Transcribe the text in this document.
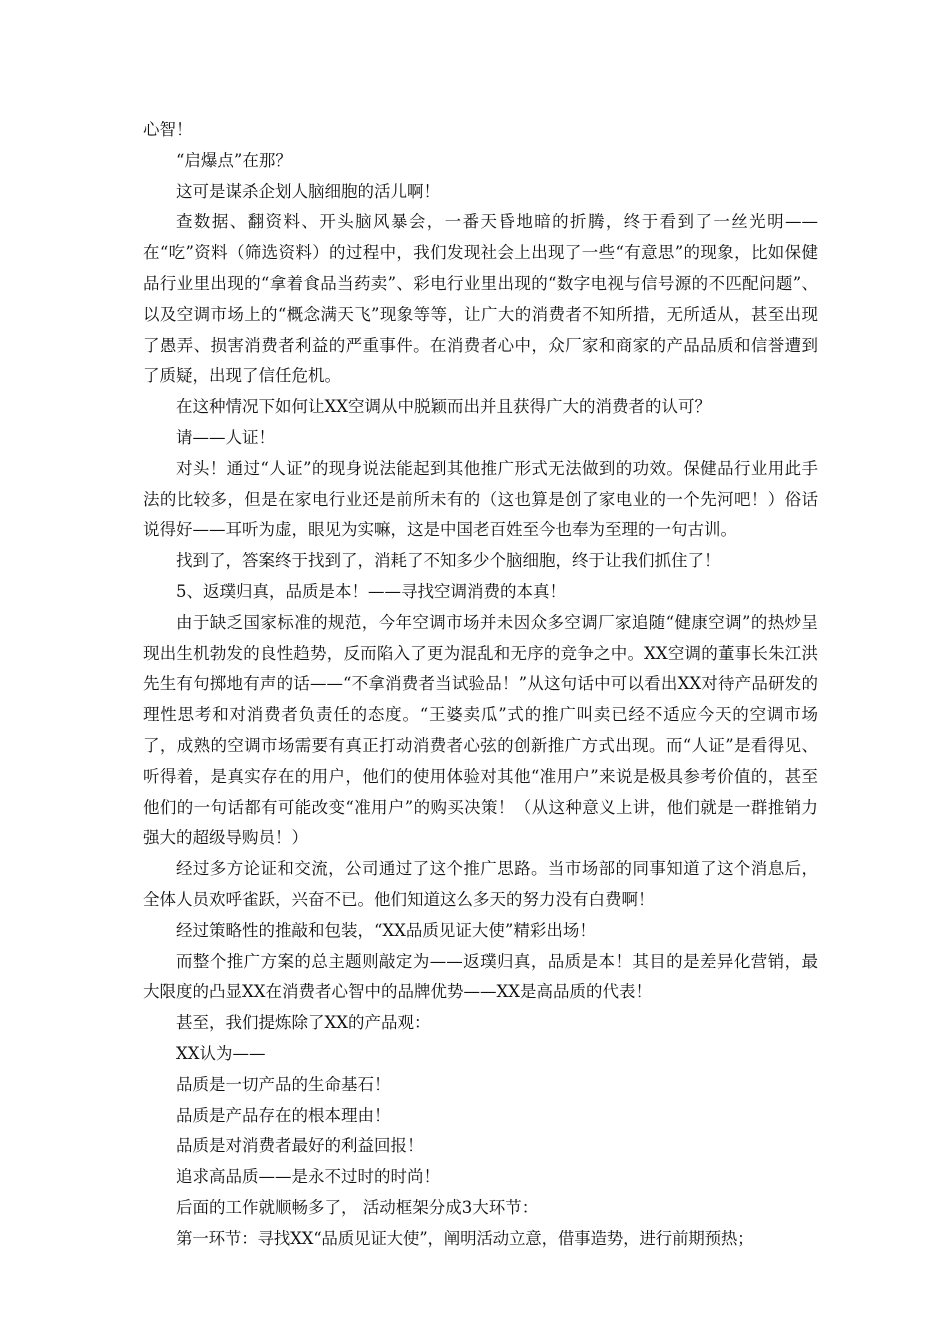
心智！

“启爆点”在那？

这可是谋杀企划人脑细胞的活儿啊！

查数据、翻资料、开头脑风暴会，一番天昏地暗的折腾，终于看到了一丝光明——在“吃”资料（筛选资料）的过程中，我们发现社会上出现了一些“有意思”的现象，比如保健品行业里出现的“拿着食品当药卖”、彩电行业里出现的“数字电视与信号源的不匹配问题”、以及空调市场上的“概念满天飞”现象等等，让广大的消费者不知所措，无所适从，甚至出现了愚弄、损害消费者利益的严重事件。在消费者心中，众厂家和商家的产品品质和信誉遭到了质疑，出现了信任危机。

在这种情况下如何让XX空调从中脱颖而出并且获得广大的消费者的认可？

请——人证！

对头！通过“人证”的现身说法能起到其他推广形式无法做到的功效。保健品行业用此手法的比较多，但是在家电行业还是前所未有的（这也算是创了家电业的一个先河吧！）俗话说得好——耳听为虚，眼见为实嘛，这是中国老百姓至今也奉为至理的一句古训。

找到了，答案终于找到了，消耗了不知多少个脑细胞，终于让我们抓住了！

5、返璞归真，品质是本！——寻找空调消费的本真！

由于缺乏国家标准的规范，今年空调市场并未因众多空调厂家追随“健康空调”的热炒呈现出生机勃发的良性趋势，反而陷入了更为混乱和无序的竞争之中。XX空调的董事长朱江洪先生有句掷地有声的话——“不拿消费者当试验品！”从这句话中可以看出XX对待产品研发的理性思考和对消费者负责任的态度。“王婆卖瓜”式的推广叫卖已经不适应今天的空调市场了，成熟的空调市场需要有真正打动消费者心弦的创新推广方式出现。而“人证”是看得见、听得着，是真实存在的用户，他们的使用体验对其他“准用户”来说是极具参考价值的，甚至他们的一句话都有可能改变“准用户”的购买决策！（从这种意义上讲，他们就是一群推销力强大的超级导购员！）

经过多方论证和交流，公司通过了这个推广思路。当市场部的同事知道了这个消息后，全体人员欢呼雀跃，兴奋不已。他们知道这么多天的努力没有白费啊！

经过策略性的推敲和包装，“XX品质见证大使”精彩出场！

而整个推广方案的总主题则敲定为——返璞归真，品质是本！其目的是差异化营销，最大限度的凸显XX在消费者心智中的品牌优势——XX是高品质的代表！

甚至，我们提炼除了XX的产品观：

XX认为——

品质是一切产品的生命基石！

品质是产品存在的根本理由！

品质是对消费者最好的利益回报！

追求高品质——是永不过时的时尚！

后面的工作就顺畅多了， 活动框架分成3大环节：

第一环节：寻找XX“品质见证大使”，阐明活动立意，借事造势，进行前期预热；
